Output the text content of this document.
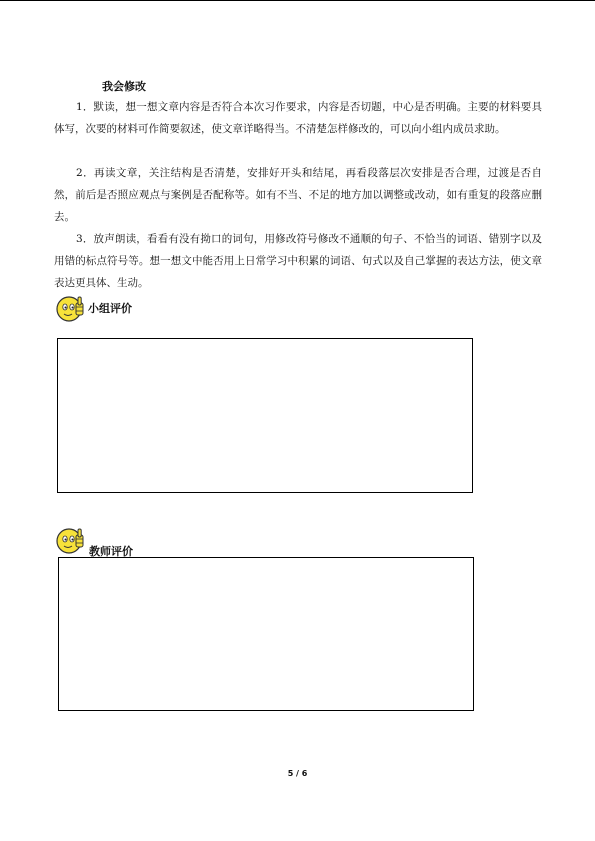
我会修改

1．默读，想一想文章内容是否符合本次习作要求，内容是否切题，中心是否明确。主要的材料要具体写，次要的材料可作简要叙述，使文章详略得当。不清楚怎样修改的，可以向小组内成员求助。

2．再读文章，关注结构是否清楚，安排好开头和结尾，再看段落层次安排是否合理，过渡是否自然，前后是否照应观点与案例是否配称等。如有不当、不足的地方加以调整或改动，如有重复的段落应删去。

3．放声朗读，看看有没有拗口的词句，用修改符号修改不通顺的句子、不恰当的词语、错别字以及用错的标点符号等。想一想文中能否用上日常学习中积累的词语、句式以及自己掌握的表达方法，使文章表达更具体、生动。

小组评价
教师评价
5 / 6
